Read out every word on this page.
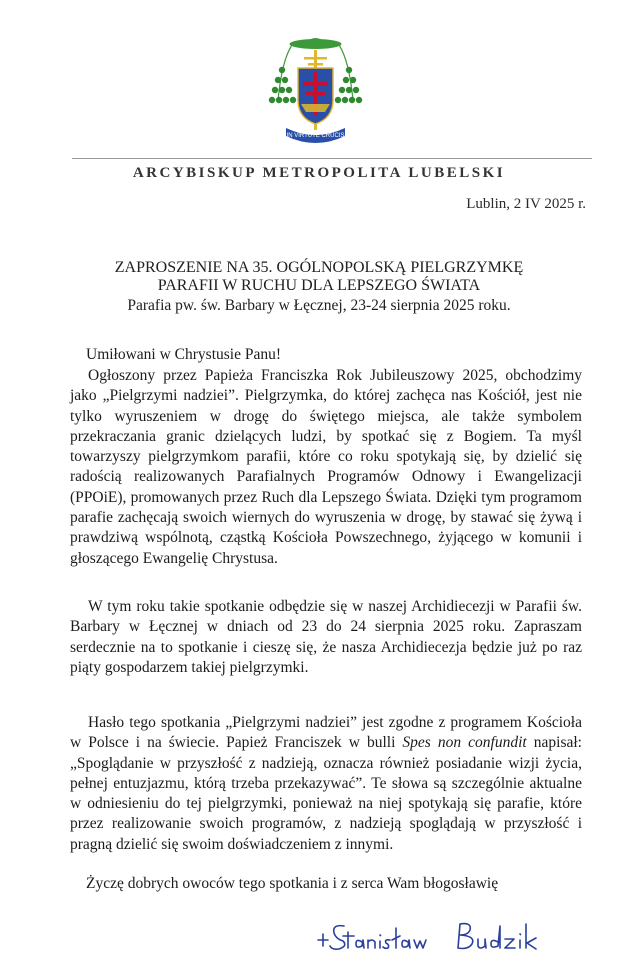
IN VIRTUTE CRUCIS
ARCYBISKUP METROPOLITA LUBELSKI
Lublin, 2 IV 2025 r.
ZAPROSZENIE NA 35. OGÓLNOPOLSKĄ PIELGRZYMKĘ
PARAFII W RUCHU DLA LEPSZEGO ŚWIATA
Parafia pw. św. Barbary w Łęcznej, 23-24 sierpnia 2025 roku.
Umiłowani w Chrystusie Panu!

Ogłoszony przez Papieża Franciszka Rok Jubileuszowy 2025, obchodzimy jako „Pielgrzymi nadziei”. Pielgrzymka, do której zachęca nas Kościół, jest nie tylko wyruszeniem w drogę do świętego miejsca, ale także symbolem przekraczania granic dzielących ludzi, by spotkać się z Bogiem. Ta myśl towarzyszy pielgrzymkom parafii, które co roku spotykają się, by dzielić się radością realizowanych Parafialnych Programów Odnowy i Ewangelizacji (PPOiE), promowanych przez Ruch dla Lepszego Świata. Dzięki tym programom parafie zachęcają swoich wiernych do wyruszenia w drogę, by stawać się żywą i prawdziwą wspólnotą, cząstką Kościoła Powszechnego, żyjącego w komunii i głoszącego Ewangelię Chrystusa.

W tym roku takie spotkanie odbędzie się w naszej Archidiecezji w Parafii św. Barbary w Łęcznej w dniach od 23 do 24 sierpnia 2025 roku. Zapraszam serdecznie na to spotkanie i cieszę się, że nasza Archidiecezja będzie już po raz piąty gospodarzem takiej pielgrzymki.

Hasło tego spotkania „Pielgrzymi nadziei” jest zgodne z programem Kościoła w Polsce i na świecie. Papież Franciszek w bulli Spes non confundit napisał: „Spoglądanie w przyszłość z nadzieją, oznacza również posiadanie wizji życia, pełnej entuzjazmu, którą trzeba przekazywać”. Te słowa są szczególnie aktualne w odniesieniu do tej pielgrzymki, ponieważ na niej spotykają się parafie, które przez realizowanie swoich programów, z nadzieją spoglądają w przyszłość i pragną dzielić się swoim doświadczeniem z innymi.

Życzę dobrych owoców tego spotkania i z serca Wam błogosławię
